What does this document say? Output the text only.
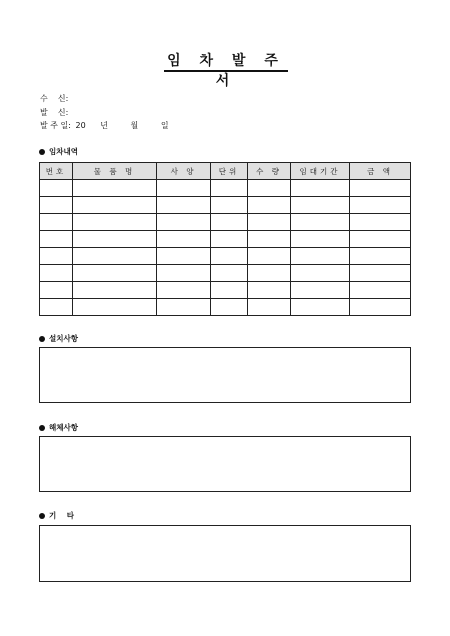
임 차 발 주 서
수    신:
발    신:
발 주 일: 20 년	월	일
임차내역
번호	물 품 명	사 양	단위	수 량	임대기간	금 액

설치사항
해체사항
기    타
